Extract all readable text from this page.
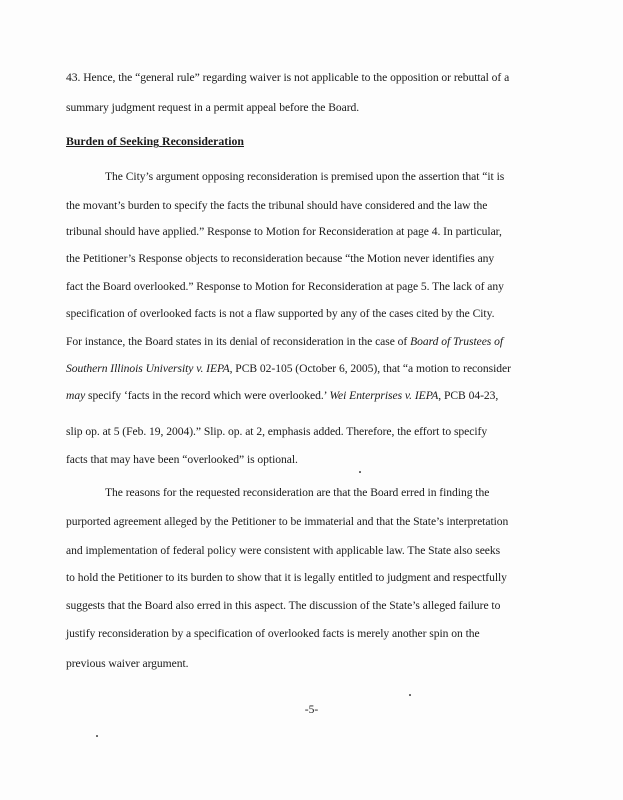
43. Hence, the “general rule” regarding waiver is not applicable to the opposition or rebuttal of a
summary judgment request in a permit appeal before the Board.
Burden of Seeking Reconsideration
The City’s argument opposing reconsideration is premised upon the assertion that “it is
the movant’s burden to specify the facts the tribunal should have considered and the law the
tribunal should have applied.” Response to Motion for Reconsideration at page 4. In particular,
the Petitioner’s Response objects to reconsideration because “the Motion never identifies any
fact the Board overlooked.” Response to Motion for Reconsideration at page 5. The lack of any
specification of overlooked facts is not a flaw supported by any of the cases cited by the City.
For instance, the Board states in its denial of reconsideration in the case of Board of Trustees of
Southern Illinois University v. IEPA, PCB 02-105 (October 6, 2005), that “a motion to reconsider
may specify ‘facts in the record which were overlooked.’ Wei Enterprises v. IEPA, PCB 04-23,
slip op. at 5 (Feb. 19, 2004).” Slip. op. at 2, emphasis added. Therefore, the effort to specify
facts that may have been “overlooked” is optional.
The reasons for the requested reconsideration are that the Board erred in finding the
purported agreement alleged by the Petitioner to be immaterial and that the State’s interpretation
and implementation of federal policy were consistent with applicable law. The State also seeks
to hold the Petitioner to its burden to show that it is legally entitled to judgment and respectfully
suggests that the Board also erred in this aspect. The discussion of the State’s alleged failure to
justify reconsideration by a specification of overlooked facts is merely another spin on the
previous waiver argument.
-5-
